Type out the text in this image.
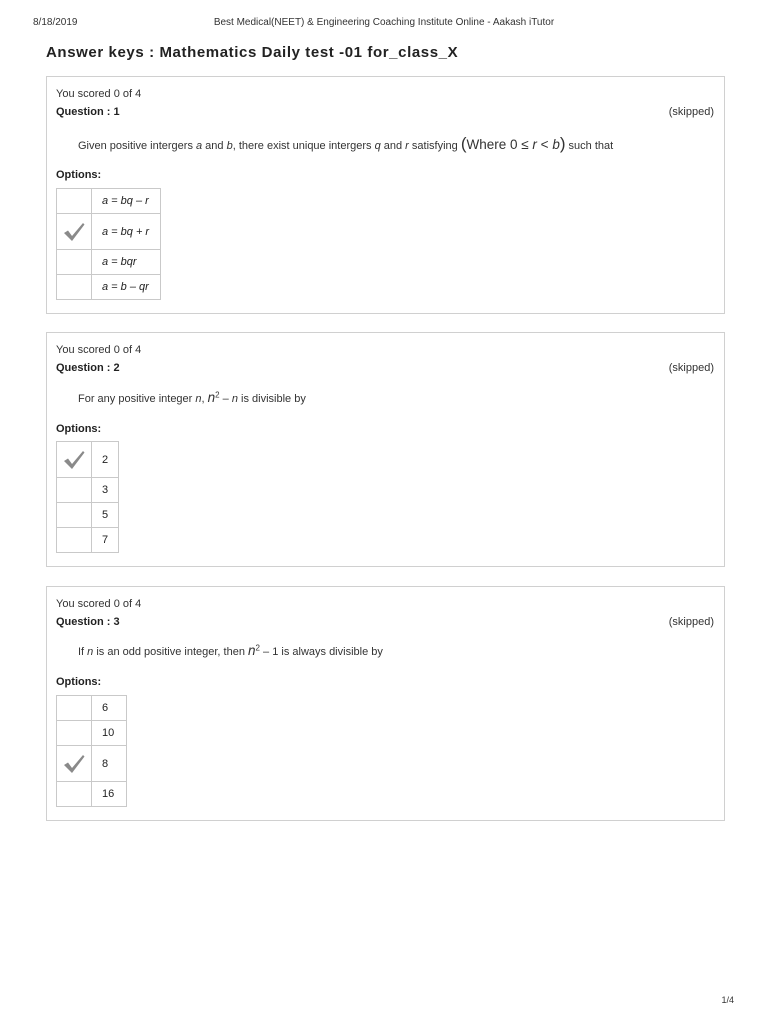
8/18/2019	Best Medical(NEET) & Engineering Coaching Institute Online - Aakash iTutor
Answer keys : Mathematics Daily test -01 for_class_X
You scored 0 of 4
Question : 1	(skipped)
Given positive intergers a and b, there exist unique intergers q and r satisfying (Where 0 ≤ r < b) such that
Options:
	a = bq – r

	a = bq + r
	a = bqr
	a = b – qr
You scored 0 of 4
Question : 2	(skipped)
For any positive integer n, $n^2$ – n is divisible by
Options:
	2
	3
	5
	7
You scored 0 of 4
Question : 3	(skipped)
If n is an odd positive integer, then $n^2 - 1$ is always divisible by
Options:
	6
	10

	8
	16
1/4
